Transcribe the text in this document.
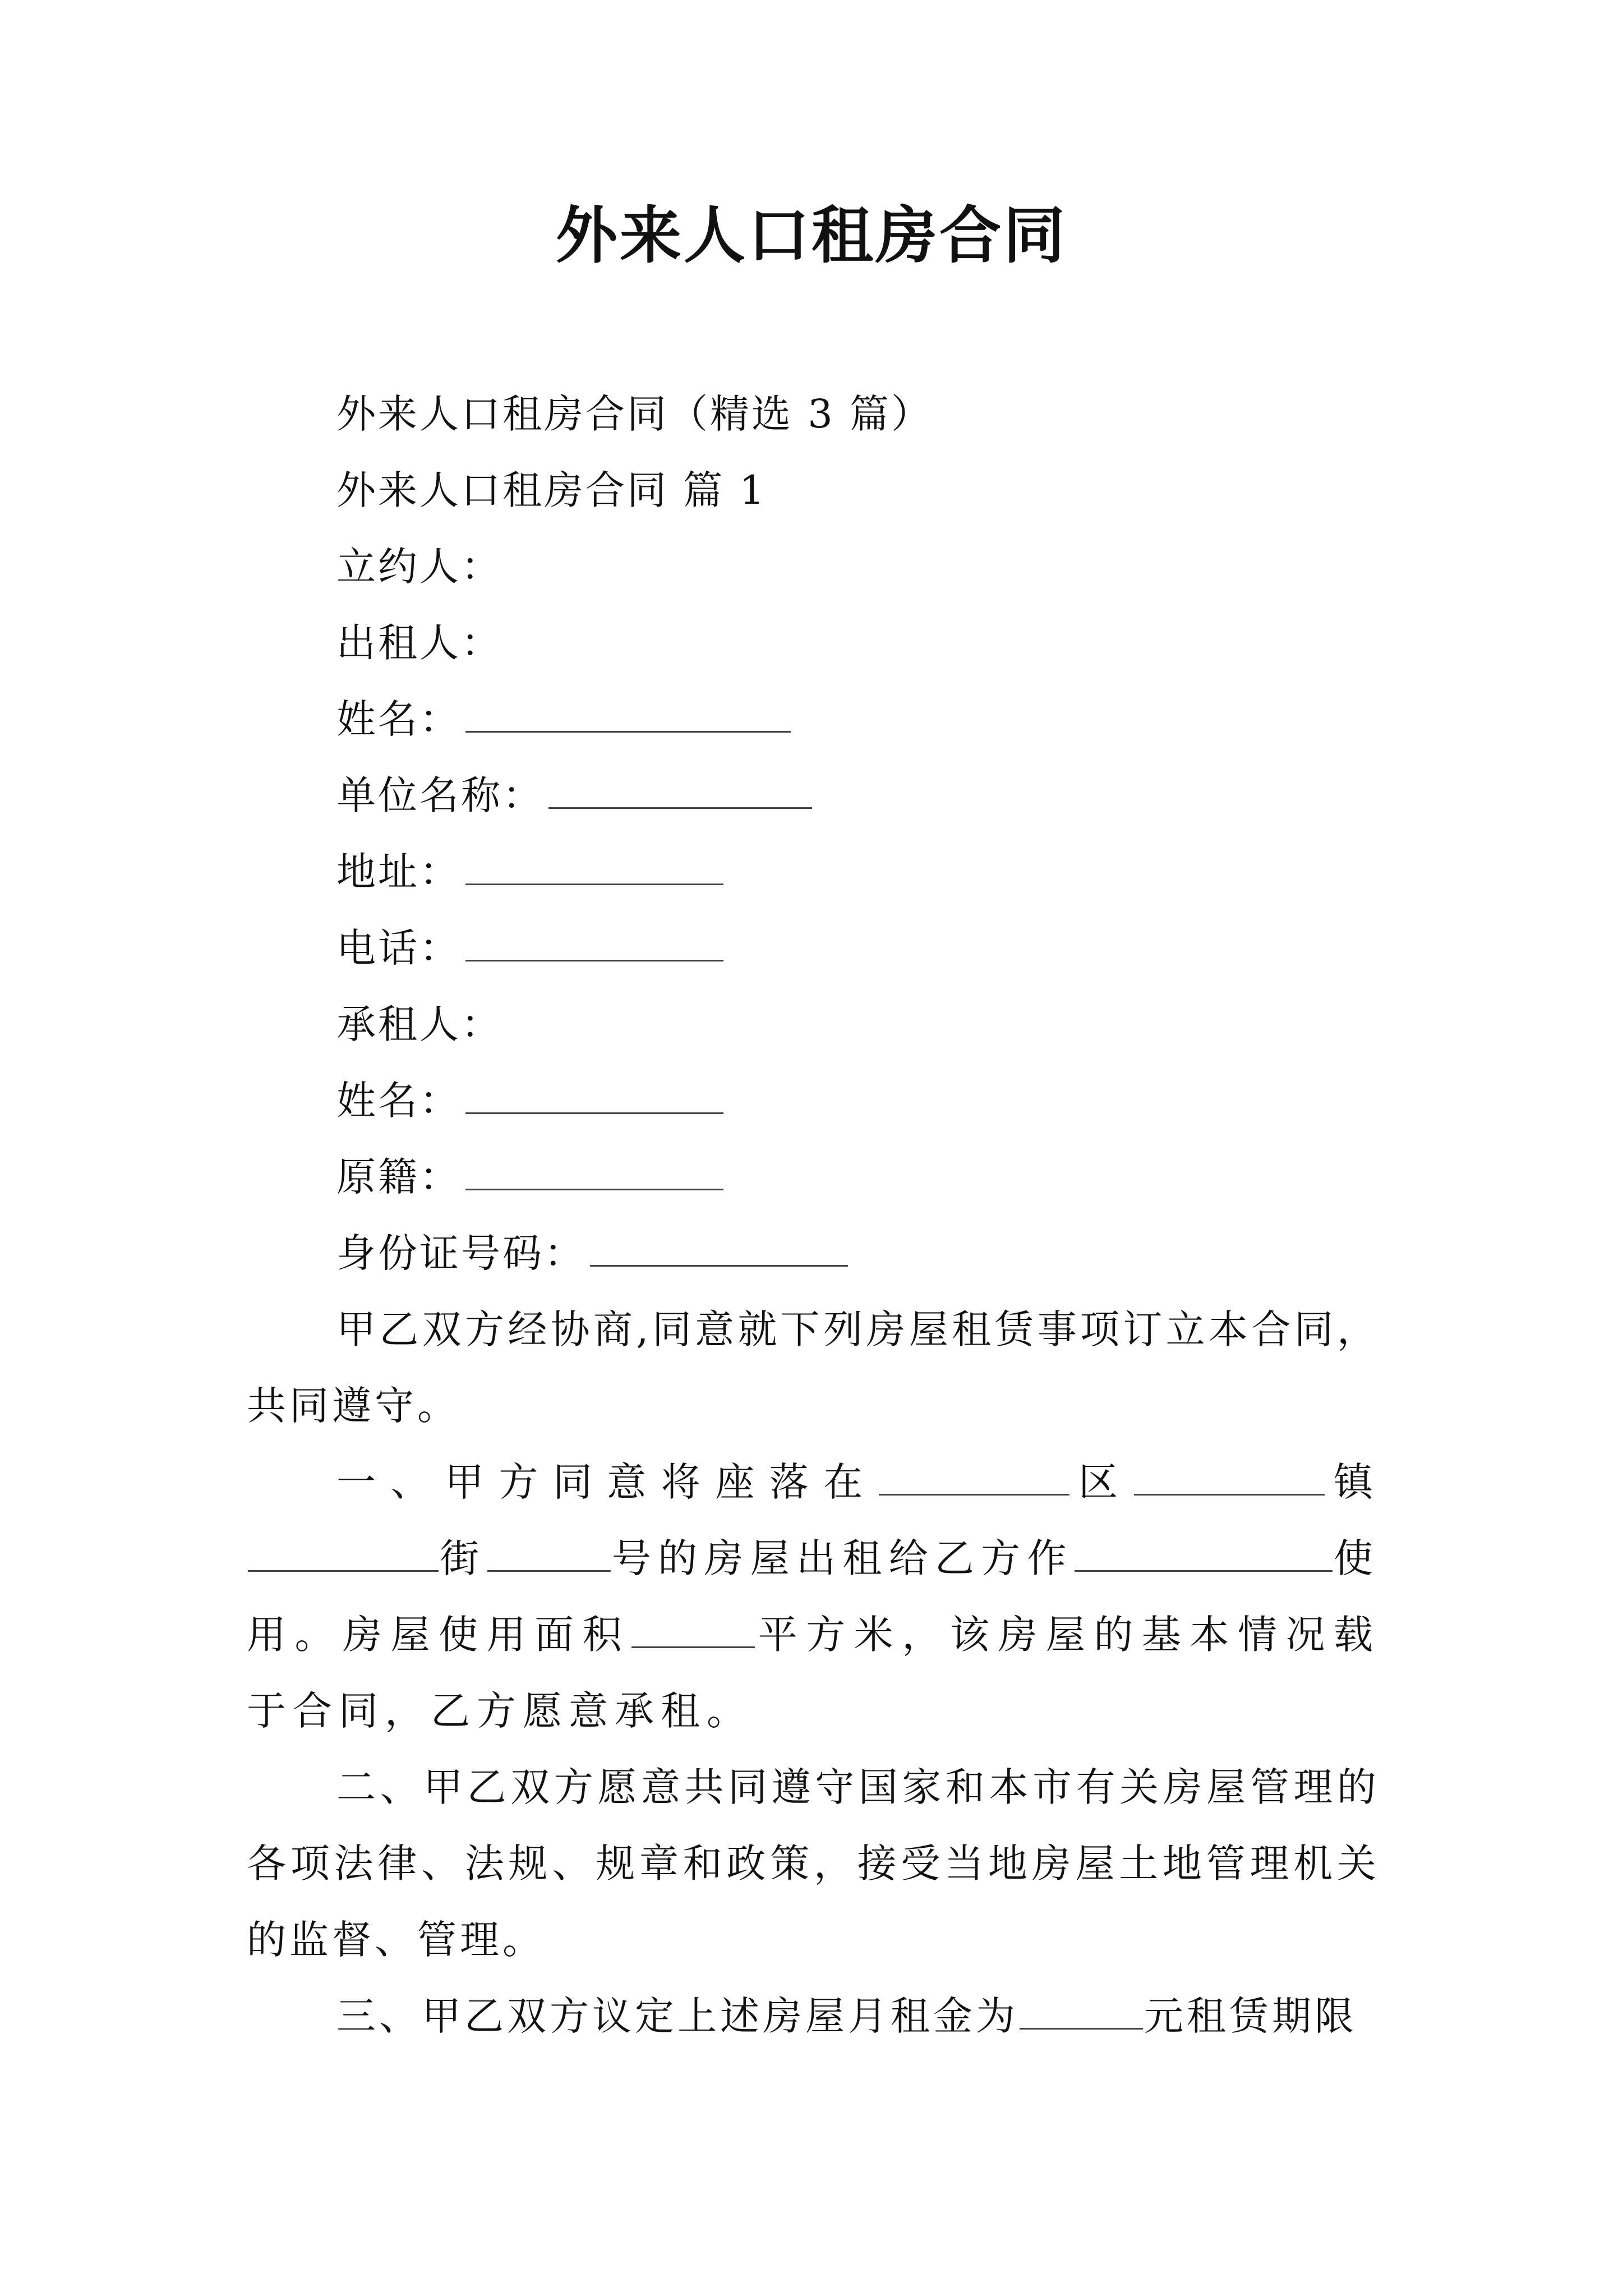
外来人口租房合同
外来人口租房合同（精选 3 篇）
外来人口租房合同 篇 1
立约人：
出租人：
姓名：
单位名称：
地址：
电话：
承租人：
姓名：
原籍：
身份证号码：

甲乙双方经协商,同意就下列房屋租赁事项订立本合同，共同遵守。

一、甲方同意将座落在	区	镇街	号的房屋出租给乙方作	使用。房屋使用面积	平方米，该房屋的基本情况载于合同，乙方愿意承租。

二、甲乙双方愿意共同遵守国家和本市有关房屋管理的各项法律、法规、规章和政策，接受当地房屋土地管理机关的监督、管理。

三、甲乙双方议定上述房屋月租金为	元租赁期限
